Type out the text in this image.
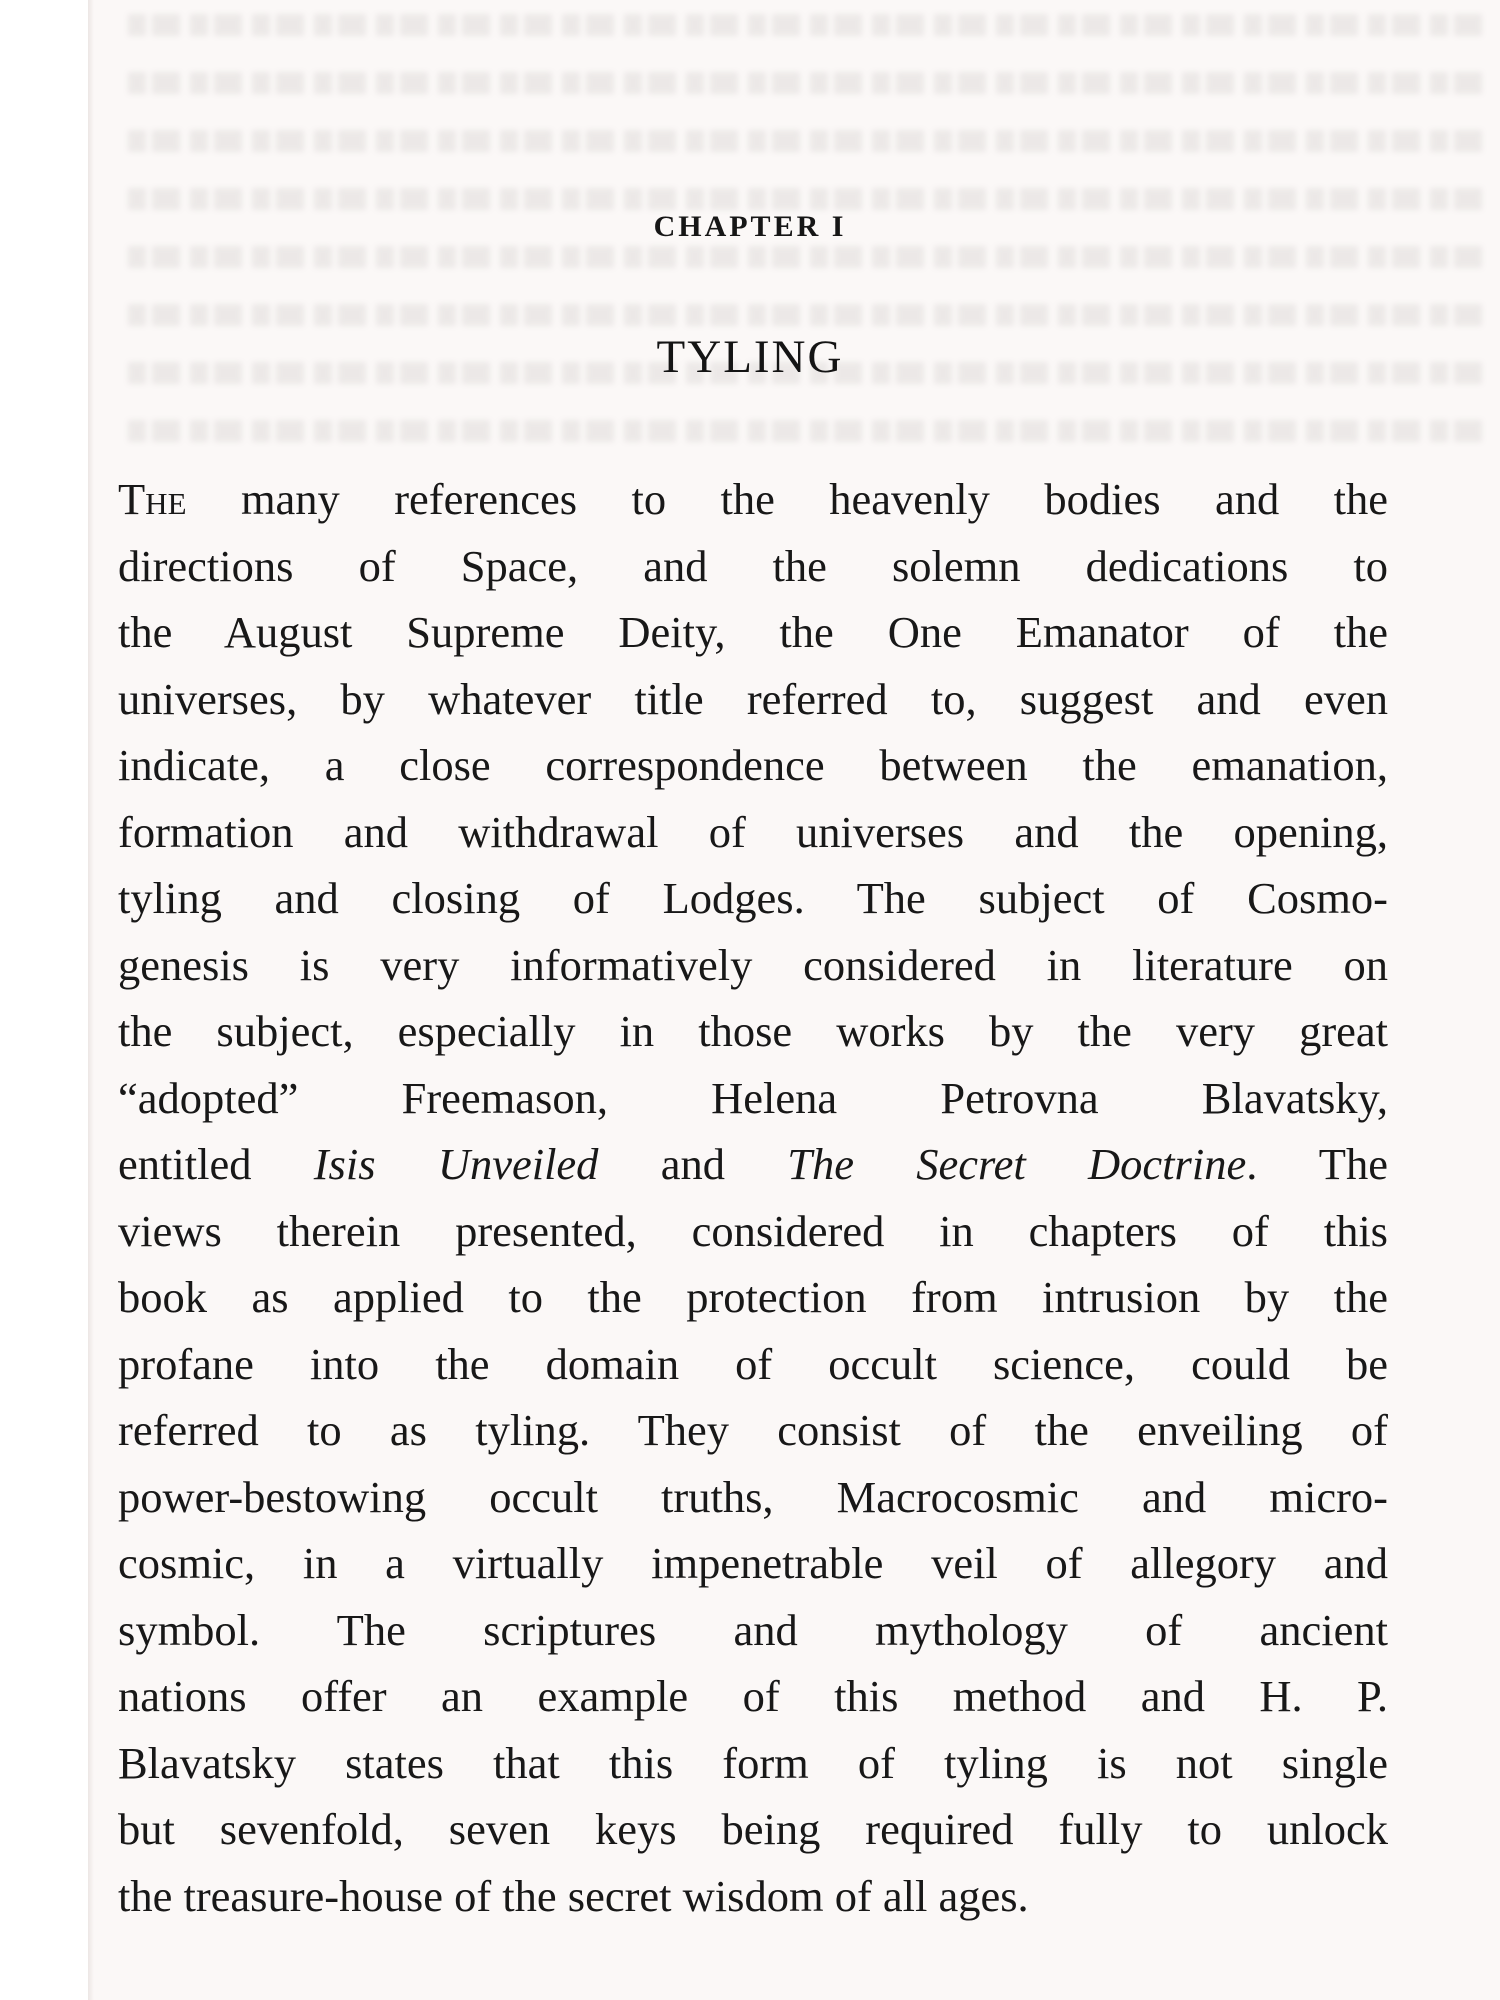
CHAPTER I
TYLING
The many references to the heavenly bodies and the
directions of Space, and the solemn dedications to
the August Supreme Deity, the One Emanator of the
universes, by whatever title referred to, suggest and even
indicate, a close correspondence between the emanation,
formation and withdrawal of universes and the opening,
tyling and closing of Lodges. The subject of Cosmo-
genesis is very informatively considered in literature on
the subject, especially in those works by the very great
“adopted” Freemason, Helena Petrovna Blavatsky,
entitled Isis Unveiled and The Secret Doctrine. The
views therein presented, considered in chapters of this
book as applied to the protection from intrusion by the
profane into the domain of occult science, could be
referred to as tyling. They consist of the enveiling of
power-bestowing occult truths, Macrocosmic and micro-
cosmic, in a virtually impenetrable veil of allegory and
symbol. The scriptures and mythology of ancient
nations offer an example of this method and H. P.
Blavatsky states that this form of tyling is not single
but sevenfold, seven keys being required fully to unlock
the treasure-house of the secret wisdom of all ages.
